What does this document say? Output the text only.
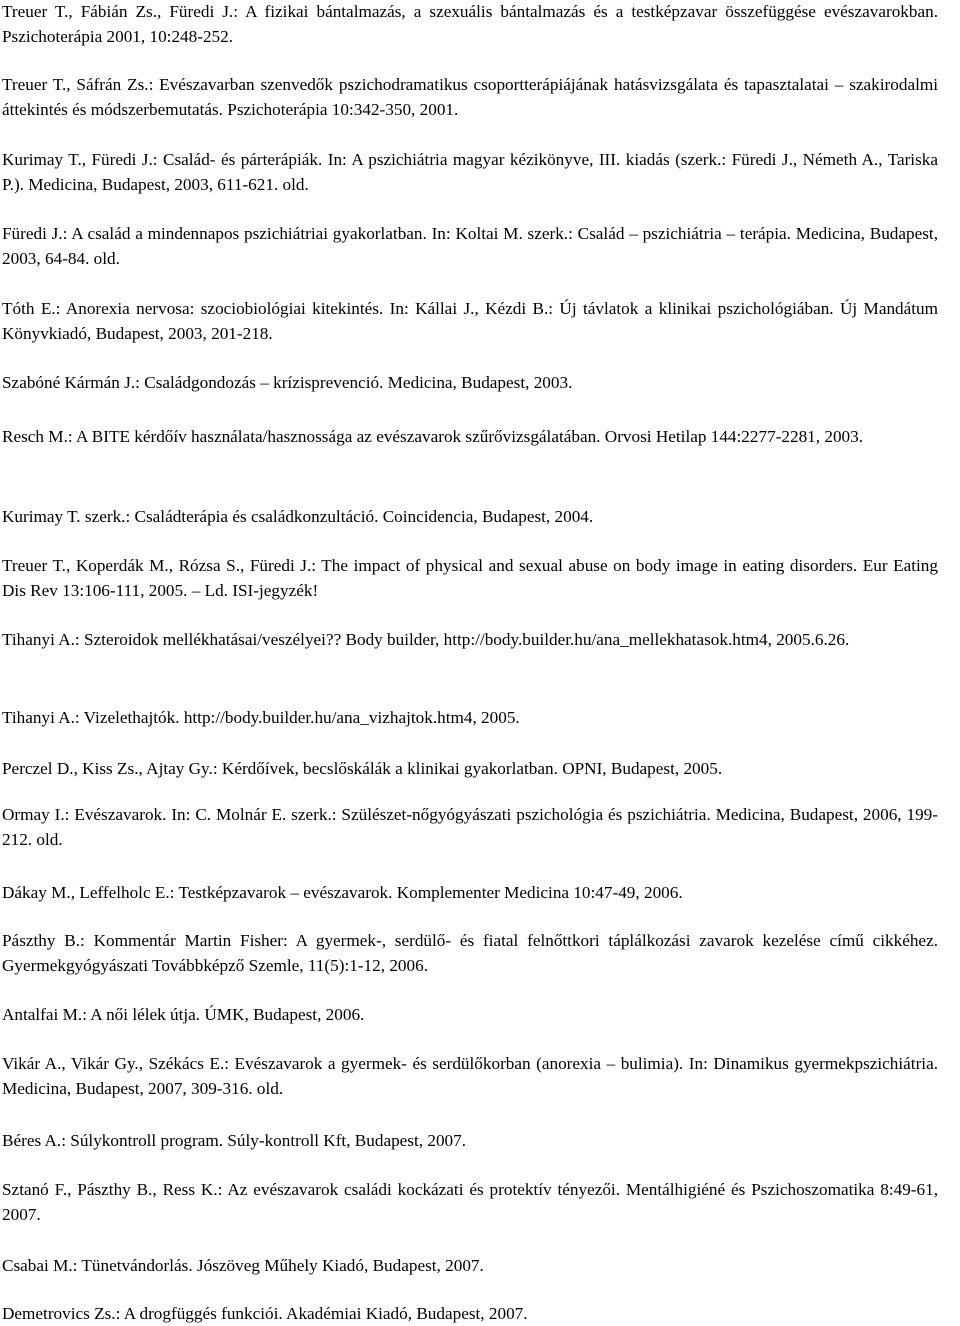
Treuer T., Fábián Zs., Füredi J.: A fizikai bántalmazás, a szexuális bántalmazás és a testképzavar összefüggése evészavarokban. Pszichoterápia 2001, 10:248-252.

Treuer T., Sáfrán Zs.: Evészavarban szenvedők pszichodramatikus csoportterápiájának hatásvizsgálata és tapasztalatai – szakirodalmi áttekintés és módszerbemutatás. Pszichoterápia 10:342-350, 2001.

Kurimay T., Füredi J.: Család- és párterápiák. In: A pszichiátria magyar kézikönyve, III. kiadás (szerk.: Füredi J., Németh A., Tariska P.). Medicina, Budapest, 2003, 611-621. old.

Füredi J.: A család a mindennapos pszichiátriai gyakorlatban. In: Koltai M. szerk.: Család – pszichiátria – terápia. Medicina, Budapest, 2003, 64-84. old.

Tóth E.: Anorexia nervosa: szociobiológiai kitekintés. In: Kállai J., Kézdi B.: Új távlatok a klinikai pszichológiában. Új Mandátum Könyvkiadó, Budapest, 2003, 201-218.

Szabóné Kármán J.: Családgondozás – krízisprevenció. Medicina, Budapest, 2003.

Resch M.: A BITE kérdőív használata/hasznossága az evészavarok szűrővizsgálatában. Orvosi Hetilap 144:2277-2281, 2003.

Kurimay T. szerk.: Családterápia és családkonzultáció. Coincidencia, Budapest, 2004.

Treuer T., Koperdák M., Rózsa S., Füredi J.: The impact of physical and sexual abuse on body image in eating disorders. Eur Eating Dis Rev 13:106-111, 2005. – Ld. ISI-jegyzék!

Tihanyi A.: Szteroidok mellékhatásai/veszélyei?? Body builder, http://body.builder.hu/ana_mellekhatasok.htm4, 2005.6.26.

Tihanyi A.: Vizelethajtók. http://body.builder.hu/ana_vizhajtok.htm4, 2005.

Perczel D., Kiss Zs., Ajtay Gy.: Kérdőívek, becslőskálák a klinikai gyakorlatban. OPNI, Budapest, 2005.

Ormay I.: Evészavarok. In: C. Molnár E. szerk.: Szülészet-nőgyógyászati pszichológia és pszichiátria. Medicina, Budapest, 2006, 199-212. old.

Dákay M., Leffelholc E.: Testképzavarok – evészavarok. Komplementer Medicina 10:47-49, 2006.

Pászthy B.: Kommentár Martin Fisher: A gyermek-, serdülő- és fiatal felnőttkori táplálkozási zavarok kezelése című cikkéhez. Gyermekgyógyászati Továbbképző Szemle, 11(5):1-12, 2006.

Antalfai M.: A női lélek útja. ÚMK, Budapest, 2006.

Vikár A., Vikár Gy., Székács E.: Evészavarok a gyermek- és serdülőkorban (anorexia – bulimia). In: Dinamikus gyermekpszichiátria. Medicina, Budapest, 2007, 309-316. old.

Béres A.: Súlykontroll program. Súly-kontroll Kft, Budapest, 2007.

Sztanó F., Pászthy B., Ress K.: Az evészavarok családi kockázati és protektív tényezői. Mentálhigiéné és Pszichoszomatika 8:49-61, 2007.

Csabai M.: Tünetvándorlás. Jószöveg Műhely Kiadó, Budapest, 2007.

Demetrovics Zs.: A drogfüggés funkciói. Akadémiai Kiadó, Budapest, 2007.
